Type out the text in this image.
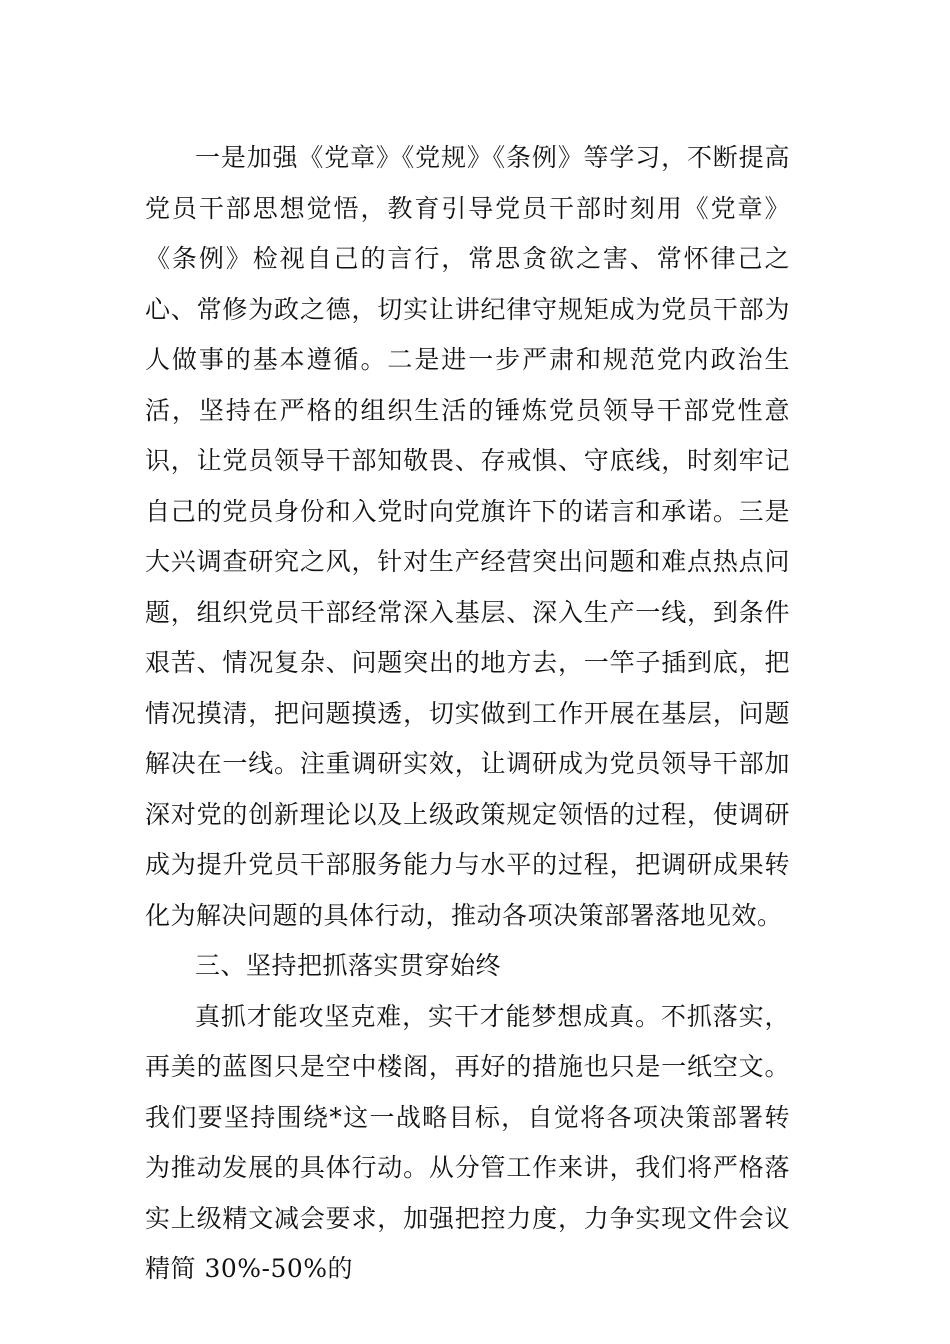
一是加强《党章》《党规》《条例》等学习，不断提高党员干部思想觉悟，教育引导党员干部时刻用《党章》《条例》检视自己的言行，常思贪欲之害、常怀律己之心、常修为政之德，切实让讲纪律守规矩成为党员干部为人做事的基本遵循。二是进一步严肃和规范党内政治生活，坚持在严格的组织生活的锤炼党员领导干部党性意识，让党员领导干部知敬畏、存戒惧、守底线，时刻牢记自己的党员身份和入党时向党旗许下的诺言和承诺。三是大兴调查研究之风，针对生产经营突出问题和难点热点问题，组织党员干部经常深入基层、深入生产一线，到条件艰苦、情况复杂、问题突出的地方去，一竿子插到底，把情况摸清，把问题摸透，切实做到工作开展在基层，问题解决在一线。注重调研实效，让调研成为党员领导干部加深对党的创新理论以及上级政策规定领悟的过程，使调研成为提升党员干部服务能力与水平的过程，把调研成果转化为解决问题的具体行动，推动各项决策部署落地见效。

三、坚持把抓落实贯穿始终

真抓才能攻坚克难，实干才能梦想成真。不抓落实，再美的蓝图只是空中楼阁，再好的措施也只是一纸空文。我们要坚持围绕*这一战略目标，自觉将各项决策部署转为推动发展的具体行动。从分管工作来讲，我们将严格落实上级精文减会要求，加强把控力度，力争实现文件会议精简 30%-50%的
